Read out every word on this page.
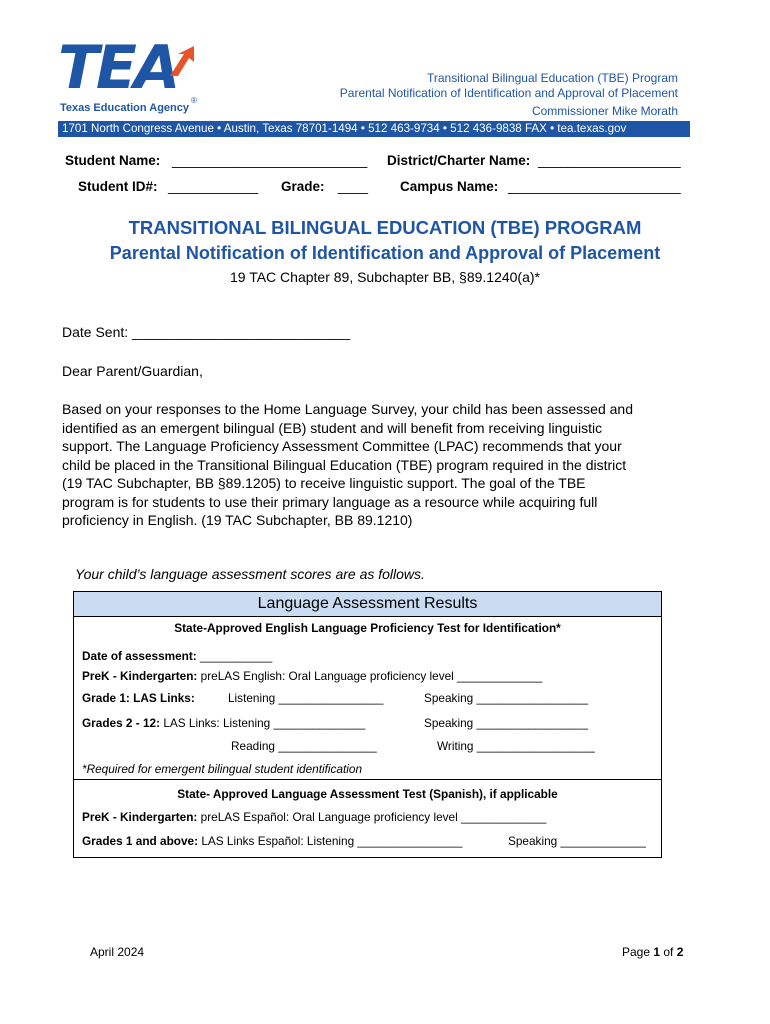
TEA ®
Texas Education Agency
Transitional Bilingual Education (TBE) Program
Parental Notification of Identification and Approval of Placement
Commissioner Mike Morath
1701 North Congress Avenue • Austin, Texas 78701-1494 • 512 463-9734 • 512 436-9838 FAX • tea.texas.gov
Student Name: __________________________ District/Charter Name: ___________________
Student ID#: ____________ Grade: ____ Campus Name: _______________________
TRANSITIONAL BILINGUAL EDUCATION (TBE) PROGRAM
Parental Notification of Identification and Approval of Placement
19 TAC Chapter 89, Subchapter BB, §89.1240(a)*
Date Sent: ____________________________
Dear Parent/Guardian,
Based on your responses to the Home Language Survey, your child has been assessed and
identified as an emergent bilingual (EB) student and will benefit from receiving linguistic
support. The Language Proficiency Assessment Committee (LPAC) recommends that your
child be placed in the Transitional Bilingual Education (TBE) program required in the district
(19 TAC Subchapter, BB §89.1205) to receive linguistic support. The goal of the TBE
program is for students to use their primary language as a resource while acquiring full
proficiency in English. (19 TAC Subchapter, BB 89.1210)
Your child’s language assessment scores are as follows.
Language Assessment Results
State-Approved English Language Proficiency Test for Identification*
Date of assessment: ___________
PreK - Kindergarten: preLAS English: Oral Language proficiency level _____________
Grade 1: LAS Links:	Listening ________________	Speaking _________________
Grades 2 - 12: LAS Links: Listening ______________	Speaking _________________
Reading _______________	Writing __________________
*Required for emergent bilingual student identification
State- Approved Language Assessment Test (Spanish), if applicable
PreK - Kindergarten: preLAS Español: Oral Language proficiency level _____________
Grades 1 and above: LAS Links Español: Listening ________________	Speaking _____________
April 2024	Page 1 of 2
